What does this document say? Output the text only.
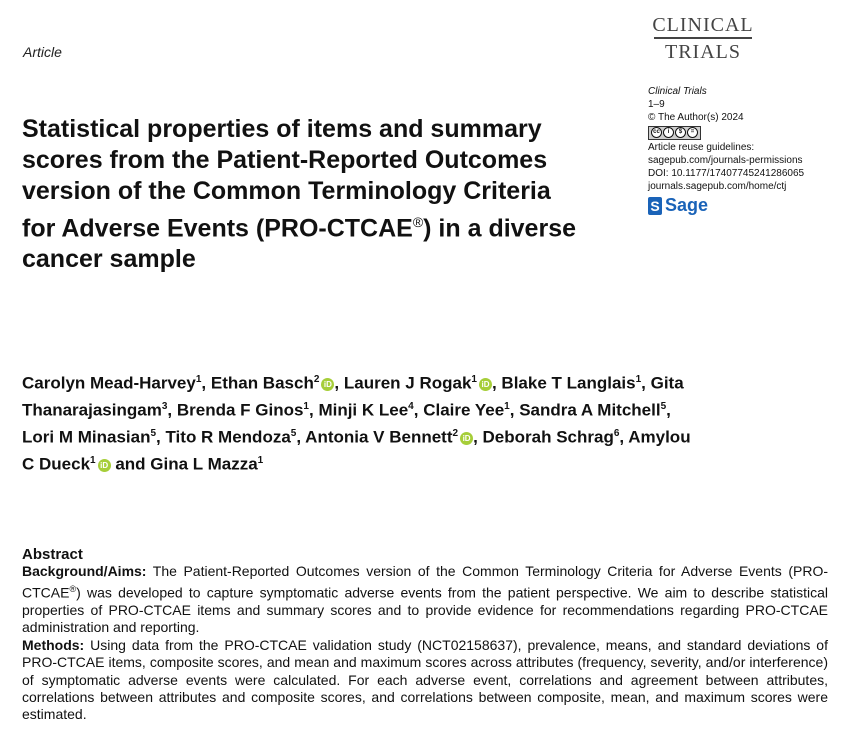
Article
CLINICAL
TRIALS
Clinical Trials
1–9
© The Author(s) 2024
cc	i	$	=
Article reuse guidelines:
sagepub.com/journals-permissions
DOI: 10.1177/17407745241286065
journals.sagepub.com/home/ctj
S Sage
Statistical properties of items and summary scores from the Patient-Reported Outcomes version of the Common Terminology Criteria for Adverse Events (PRO-CTCAE®) in a diverse cancer sample
Carolyn Mead-Harvey$^1$, Ethan Basch$^2$ iD , Lauren J Rogak$^1$ iD , Blake T Langlais$^1$, Gita Thanarajasingam$^3$, Brenda F Ginos$^1$, Minji K Lee$^4$, Claire Yee$^1$, Sandra A Mitchell$^5$, Lori M Minasian$^5$, Tito R Mendoza$^5$, Antonia V Bennett$^2$ iD , Deborah Schrag$^6$, Amylou C Dueck$^1$ iD and Gina L Mazza$^1$
Abstract

Background/Aims: The Patient-Reported Outcomes version of the Common Terminology Criteria for Adverse Events (PRO-CTCAE®) was developed to capture symptomatic adverse events from the patient perspective. We aim to describe statistical properties of PRO-CTCAE items and summary scores and to provide evidence for recommendations regarding PRO-CTCAE administration and reporting.

Methods: Using data from the PRO-CTCAE validation study (NCT02158637), prevalence, means, and standard deviations of PRO-CTCAE items, composite scores, and mean and maximum scores across attributes (frequency, severity, and/or interference) of symptomatic adverse events were calculated. For each adverse event, correlations and agreement between attributes, correlations between attributes and composite scores, and correlations between composite, mean, and maximum scores were estimated.
